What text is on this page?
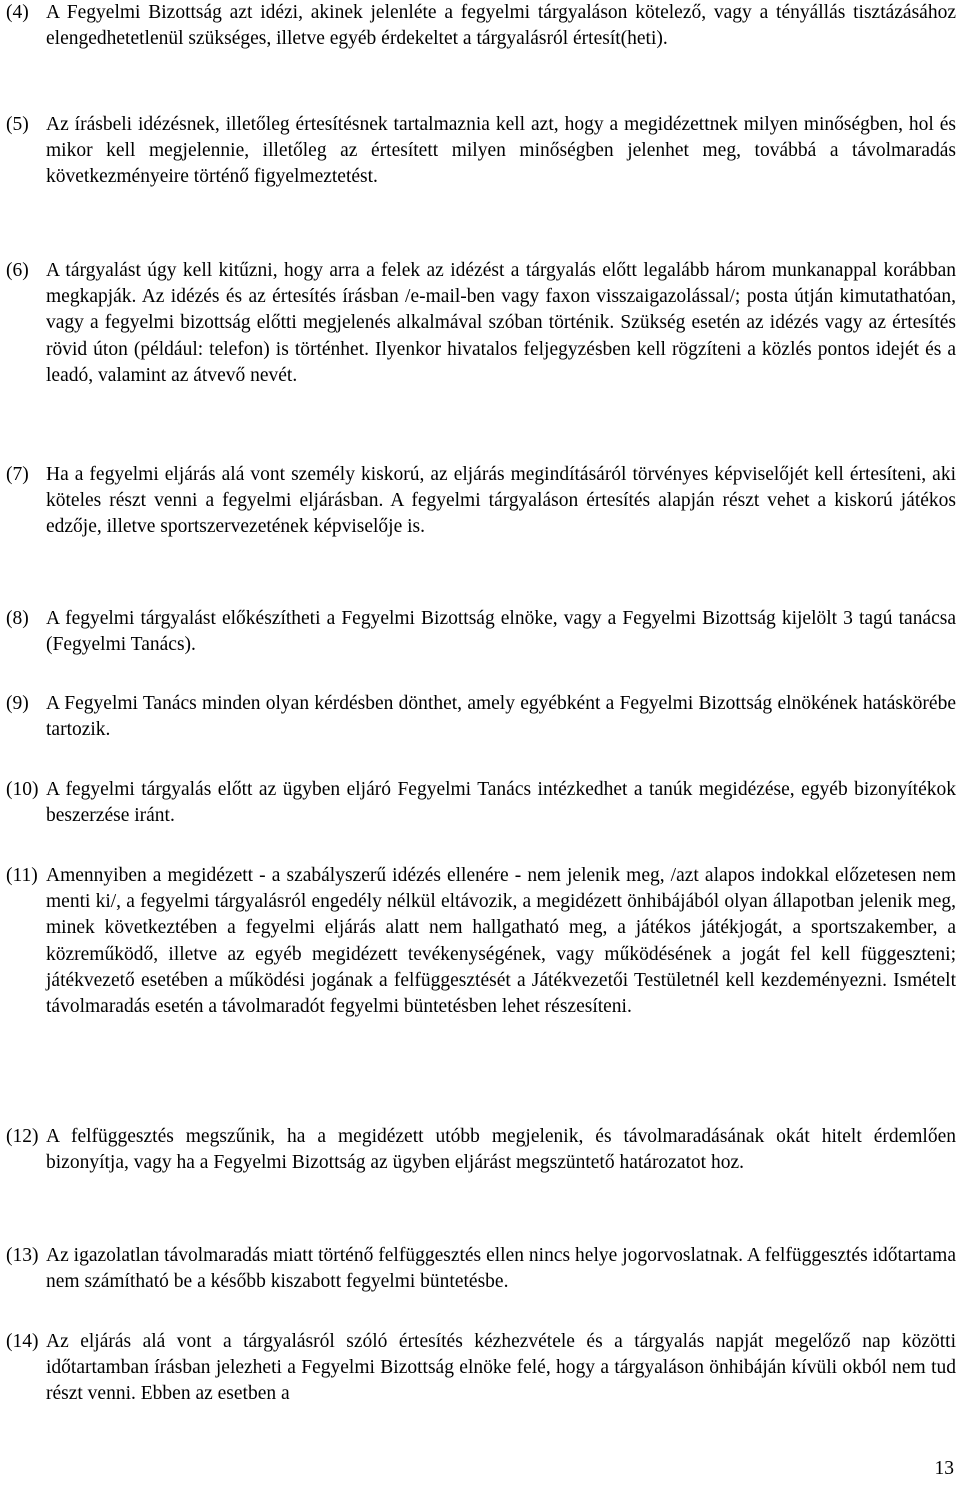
(4) A Fegyelmi Bizottság azt idézi, akinek jelenléte a fegyelmi tárgyaláson kötelező, vagy a tényállás tisztázásához elengedhetetlenül szükséges, illetve egyéb érdekeltet a tárgyalásról értesít(heti).
(5) Az írásbeli idézésnek, illetőleg értesítésnek tartalmaznia kell azt, hogy a megidézettnek milyen minőségben, hol és mikor kell megjelennie, illetőleg az értesített milyen minőségben jelenhet meg, továbbá a távolmaradás következményeire történő figyelmeztetést.
(6) A tárgyalást úgy kell kitűzni, hogy arra a felek az idézést a tárgyalás előtt legalább három munkanappal korábban megkapják. Az idézés és az értesítés írásban /e-mail-ben vagy faxon visszaigazolással/; posta útján kimutathatóan, vagy a fegyelmi bizottság előtti megjelenés alkalmával szóban történik. Szükség esetén az idézés vagy az értesítés rövid úton (például: telefon) is történhet. Ilyenkor hivatalos feljegyzésben kell rögzíteni a közlés pontos idejét és a leadó, valamint az átvevő nevét.
(7) Ha a fegyelmi eljárás alá vont személy kiskorú, az eljárás megindításáról törvényes képviselőjét kell értesíteni, aki köteles részt venni a fegyelmi eljárásban. A fegyelmi tárgyaláson értesítés alapján részt vehet a kiskorú játékos edzője, illetve sportszervezetének képviselője is.
(8) A fegyelmi tárgyalást előkészítheti a Fegyelmi Bizottság elnöke, vagy a Fegyelmi Bizottság kijelölt 3 tagú tanácsa (Fegyelmi Tanács).
(9) A Fegyelmi Tanács minden olyan kérdésben dönthet, amely egyébként a Fegyelmi Bizottság elnökének hatáskörébe tartozik.
(10) A fegyelmi tárgyalás előtt az ügyben eljáró Fegyelmi Tanács intézkedhet a tanúk megidézése, egyéb bizonyítékok beszerzése iránt.
(11) Amennyiben a megidézett - a szabályszerű idézés ellenére - nem jelenik meg, /azt alapos indokkal előzetesen nem menti ki/, a fegyelmi tárgyalásról engedély nélkül eltávozik, a megidézett önhibájából olyan állapotban jelenik meg, minek következtében a fegyelmi eljárás alatt nem hallgatható meg, a játékos játékjogát, a sportszakember, a közreműködő, illetve az egyéb megidézett tevékenységének, vagy működésének a jogát fel kell függeszteni; játékvezető esetében a működési jogának a felfüggesztését a Játékvezetői Testületnél kell kezdeményezni. Ismételt távolmaradás esetén a távolmaradót fegyelmi büntetésben lehet részesíteni.
(12) A felfüggesztés megszűnik, ha a megidézett utóbb megjelenik, és távolmaradásának okát hitelt érdemlően bizonyítja, vagy ha a Fegyelmi Bizottság az ügyben eljárást megszüntető határozatot hoz.
(13) Az igazolatlan távolmaradás miatt történő felfüggesztés ellen nincs helye jogorvoslatnak. A felfüggesztés időtartama nem számítható be a később kiszabott fegyelmi büntetésbe.
(14) Az eljárás alá vont a tárgyalásról szóló értesítés kézhezvétele és a tárgyalás napját megelőző nap közötti időtartamban írásban jelezheti a Fegyelmi Bizottság elnöke felé, hogy a tárgyaláson önhibáján kívüli okból nem tud részt venni. Ebben az esetben a
13
